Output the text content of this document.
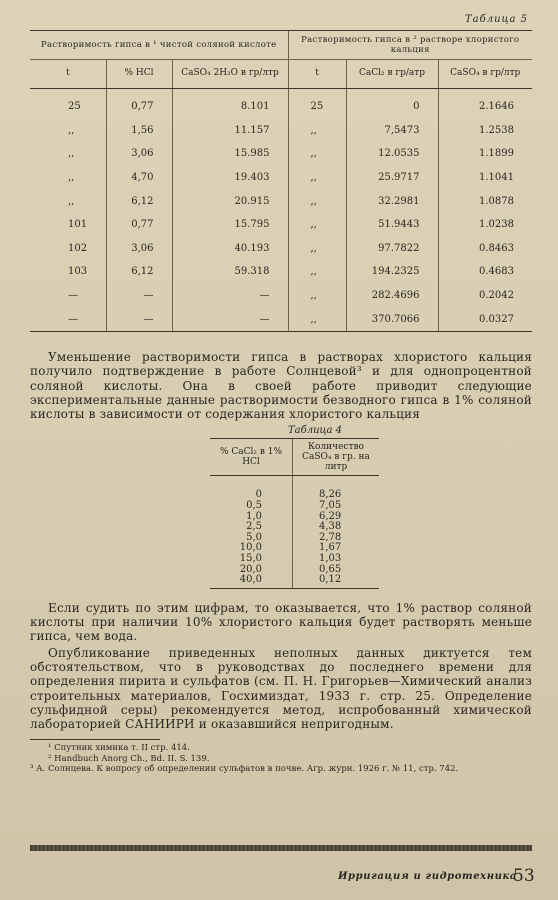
Таблица 5
Растворимость гипса в ¹ чистой соляной кислоте			Растворимость гипса в ² растворе хлористого кальция		
t	% HCl	CaSO₄ 2H₂O в гр/лтр	t	CaCl₂ в гр/атр	CaSO₄ в гр/лтр
25	0,77	8.101	25	0	2.1646
,,	1,56	11.157	,,	7,5473	1.2538
,,	3,06	15.985	,,	12.0535	1.1899
,,	4,70	19.403	,,	25.9717	1.1041
,,	6,12	20.915	,,	32.2981	1.0878
101	0,77	15.795	,,	51.9443	1.0238
102	3,06	40.193	,,	97.7822	0.8463
103	6,12	59.318	,,	194.2325	0.4683
—	—	—	,,	282.4696	0.2042
—	—	—	,,	370.7066	0.0327

Уменьшение растворимости гипса в растворах хлористого кальция получило подтверждение в работе Солнцевой³ и для однопроцентной соляной кислоты. Она в своей работе приводит следующие экспериментальные данные растворимости безводного гипса в 1% соляной кислоты в зависимости от содержания хлористого кальция

Таблица 4
% CaCl₂ в 1% HCl	Количество CaSO₄ в гр. на литр
0	8,26
0,5	7,05
1,0	6,29
2,5	4,38
5,0	2,78
10,0	1,67
15,0	1,03
20,0	0,65
40,0	0,12

Если судить по этим цифрам, то оказывается, что 1% раствор соляной кислоты при наличии 10% хлористого кальция будет растворять меньше гипса, чем вода.

Опубликование приведенных неполных данных диктуется тем обстоятельством, что в руководствах до последнего времени для определения пирита и сульфатов (см. П. Н. Григорьев—Химический анализ строительных материалов, Госхимиздат, 1933 г. стр. 25. Определение сульфидной серы) рекомендуется метод, испробованный химической лабораторией САНИИРИ и оказавшийся непригодным.

¹ Спутник химика т. II стр. 414.

² Handbuch Anorg Ch., Bd. II. S. 139.

³ А. Солнцева. К вопросу об определении сульфатов в почве. Агр. журн. 1926 г. № 11, стр. 742.

Ирригация и гидротехника
53
